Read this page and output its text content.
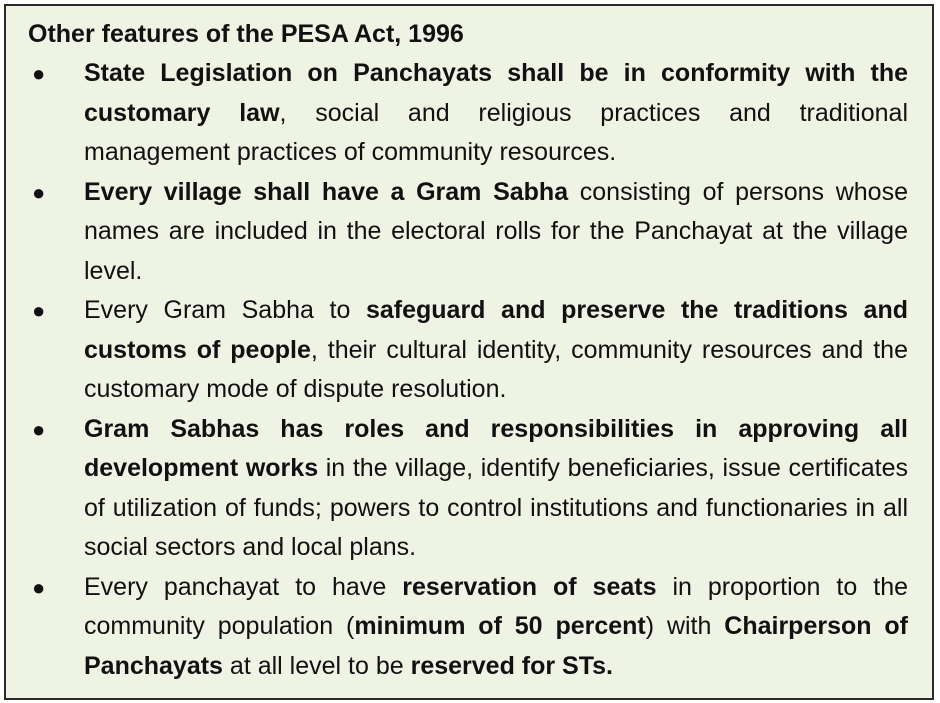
Other features of the PESA Act, 1996
● State Legislation on Panchayats shall be in conformity with the customary law, social and religious practices and traditional management practices of community resources.
● Every village shall have a Gram Sabha consisting of persons whose names are included in the electoral rolls for the Panchayat at the village level.
● Every Gram Sabha to safeguard and preserve the traditions and customs of people, their cultural identity, community resources and the customary mode of dispute resolution.
● Gram Sabhas has roles and responsibilities in approving all development works in the village, identify beneficiaries, issue certificates of utilization of funds; powers to control institutions and functionaries in all social sectors and local plans.
● Every panchayat to have reservation of seats in proportion to the community population (minimum of 50 percent) with Chairperson of Panchayats at all level to be reserved for STs.
